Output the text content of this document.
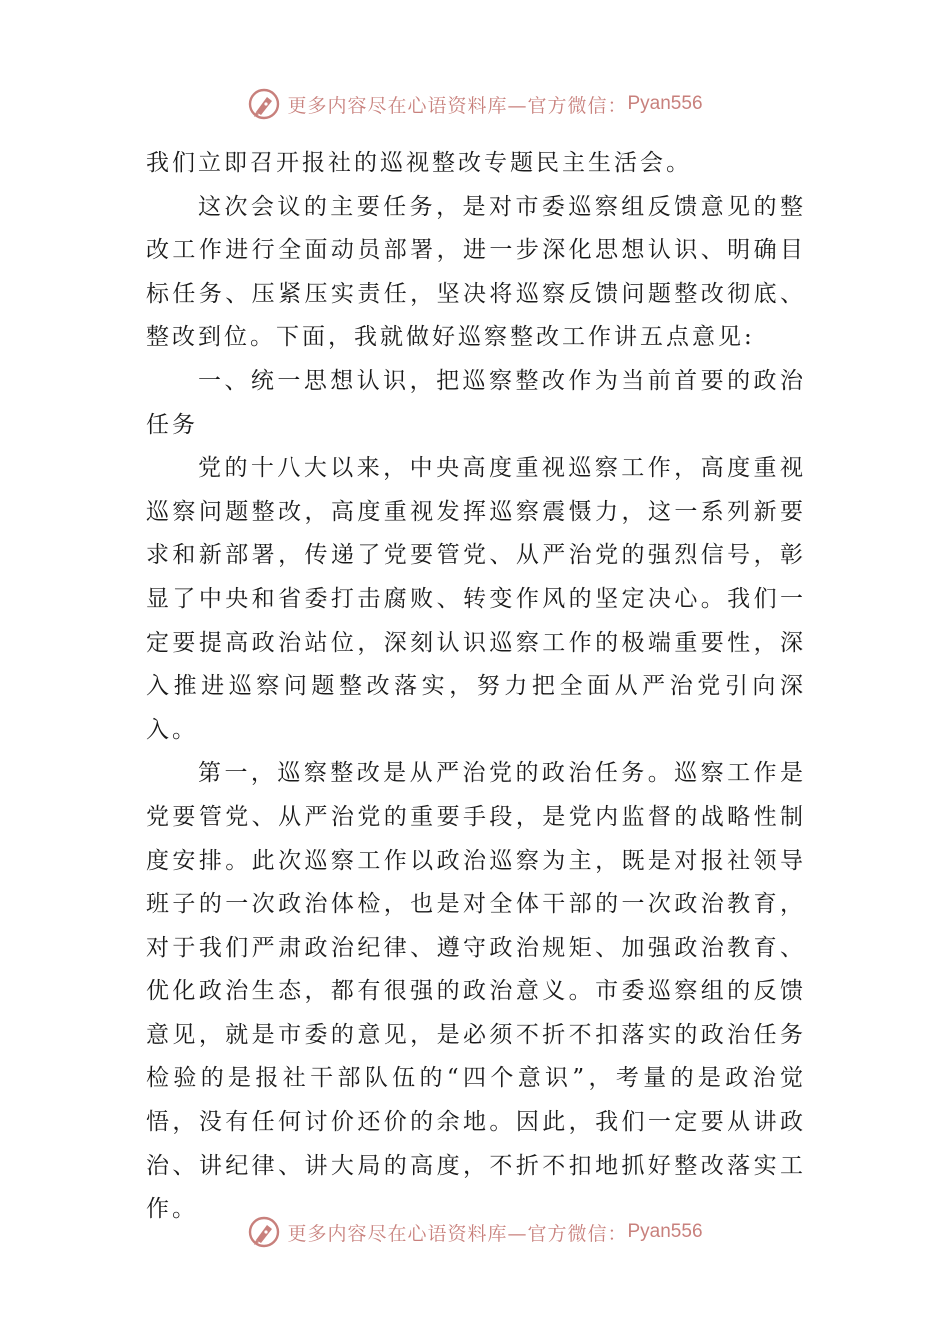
更多内容尽在心语资料库—官方微信： Pyan556

我们立即召开报社的巡视整改专题民主生活会。

这次会议的主要任务，是对市委巡察组反馈意见的整改工作进行全面动员部署，进一步深化思想认识、明确目标任务、压紧压实责任，坚决将巡察反馈问题整改彻底、整改到位。下面，我就做好巡察整改工作讲五点意见:

一、统一思想认识，把巡察整改作为当前首要的政治任务

党的十八大以来，中央高度重视巡察工作，高度重视巡察问题整改，高度重视发挥巡察震慑力，这一系列新要求和新部署，传递了党要管党、从严治党的强烈信号，彰显了中央和省委打击腐败、转变作风的坚定决心。我们一定要提高政治站位，深刻认识巡察工作的极端重要性，深入推进巡察问题整改落实，努力把全面从严治党引向深入。

第一，巡察整改是从严治党的政治任务。巡察工作是党要管党、从严治党的重要手段，是党内监督的战略性制度安排。此次巡察工作以政治巡察为主，既是对报社领导班子的一次政治体检，也是对全体干部的一次政治教育，对于我们严肃政治纪律、遵守政治规矩、加强政治教育、优化政治生态，都有很强的政治意义。市委巡察组的反馈意见，就是市委的意见，是必须不折不扣落实的政治任务检验的是报社干部队伍的“四个意识”，考量的是政治觉悟，没有任何讨价还价的余地。因此，我们一定要从讲政治、讲纪律、讲大局的高度，不折不扣地抓好整改落实工作。

更多内容尽在心语资料库—官方微信： Pyan556
